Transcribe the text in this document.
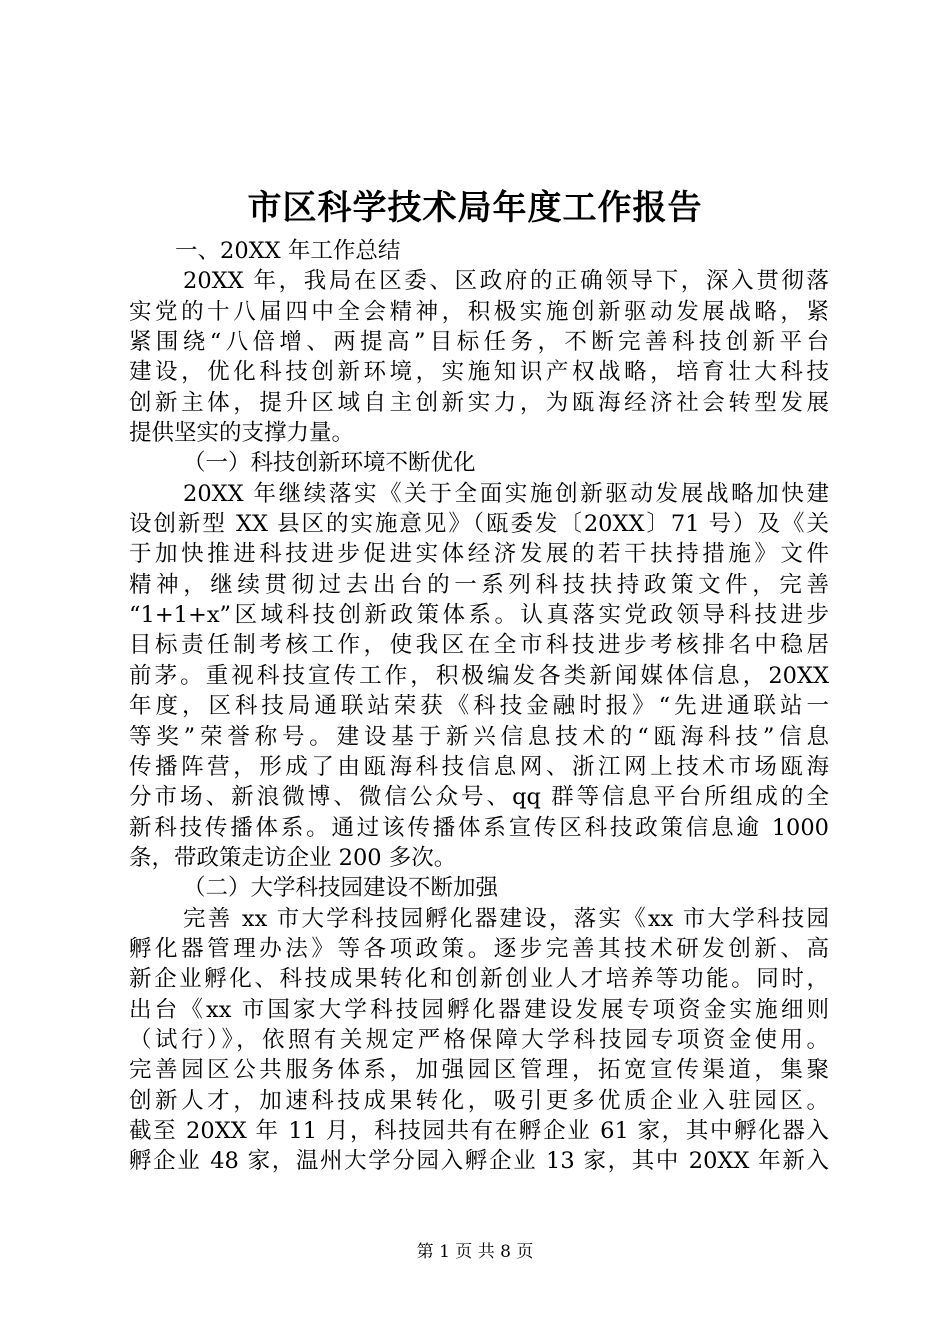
市区科学技术局年度工作报告
一、20XX 年工作总结
20XX 年，我局在区委、区政府的正确领导下，深入贯彻落
实党的十八届四中全会精神，积极实施创新驱动发展战略，紧
紧围绕“八倍增、两提高”目标任务，不断完善科技创新平台
建设，优化科技创新环境，实施知识产权战略，培育壮大科技
创新主体，提升区域自主创新实力，为瓯海经济社会转型发展
提供坚实的支撑力量。
（一）科技创新环境不断优化
20XX 年继续落实《关于全面实施创新驱动发展战略加快建
设创新型 XX 县区的实施意见》（瓯委发〔20XX〕71 号）及《关
于加快推进科技进步促进实体经济发展的若干扶持措施》文件
精神，继续贯彻过去出台的一系列科技扶持政策文件，完善
“1+1+x”区域科技创新政策体系。认真落实党政领导科技进步
目标责任制考核工作，使我区在全市科技进步考核排名中稳居
前茅。重视科技宣传工作，积极编发各类新闻媒体信息，20XX
年度，区科技局通联站荣获《科技金融时报》“先进通联站一
等奖”荣誉称号。建设基于新兴信息技术的“瓯海科技”信息
传播阵营，形成了由瓯海科技信息网、浙江网上技术市场瓯海
分市场、新浪微博、微信公众号、qq 群等信息平台所组成的全
新科技传播体系。通过该传播体系宣传区科技政策信息逾 1000
条，带政策走访企业 200 多次。
（二）大学科技园建设不断加强
完善 xx 市大学科技园孵化器建设，落实《xx 市大学科技园
孵化器管理办法》等各项政策。逐步完善其技术研发创新、高
新企业孵化、科技成果转化和创新创业人才培养等功能。同时，
出台《xx 市国家大学科技园孵化器建设发展专项资金实施细则
（试行）》，依照有关规定严格保障大学科技园专项资金使用。
完善园区公共服务体系，加强园区管理，拓宽宣传渠道，集聚
创新人才，加速科技成果转化，吸引更多优质企业入驻园区。
截至 20XX 年 11 月，科技园共有在孵企业 61 家，其中孵化器入
孵企业 48 家，温州大学分园入孵企业 13 家，其中 20XX 年新入
第 1 页 共 8 页
